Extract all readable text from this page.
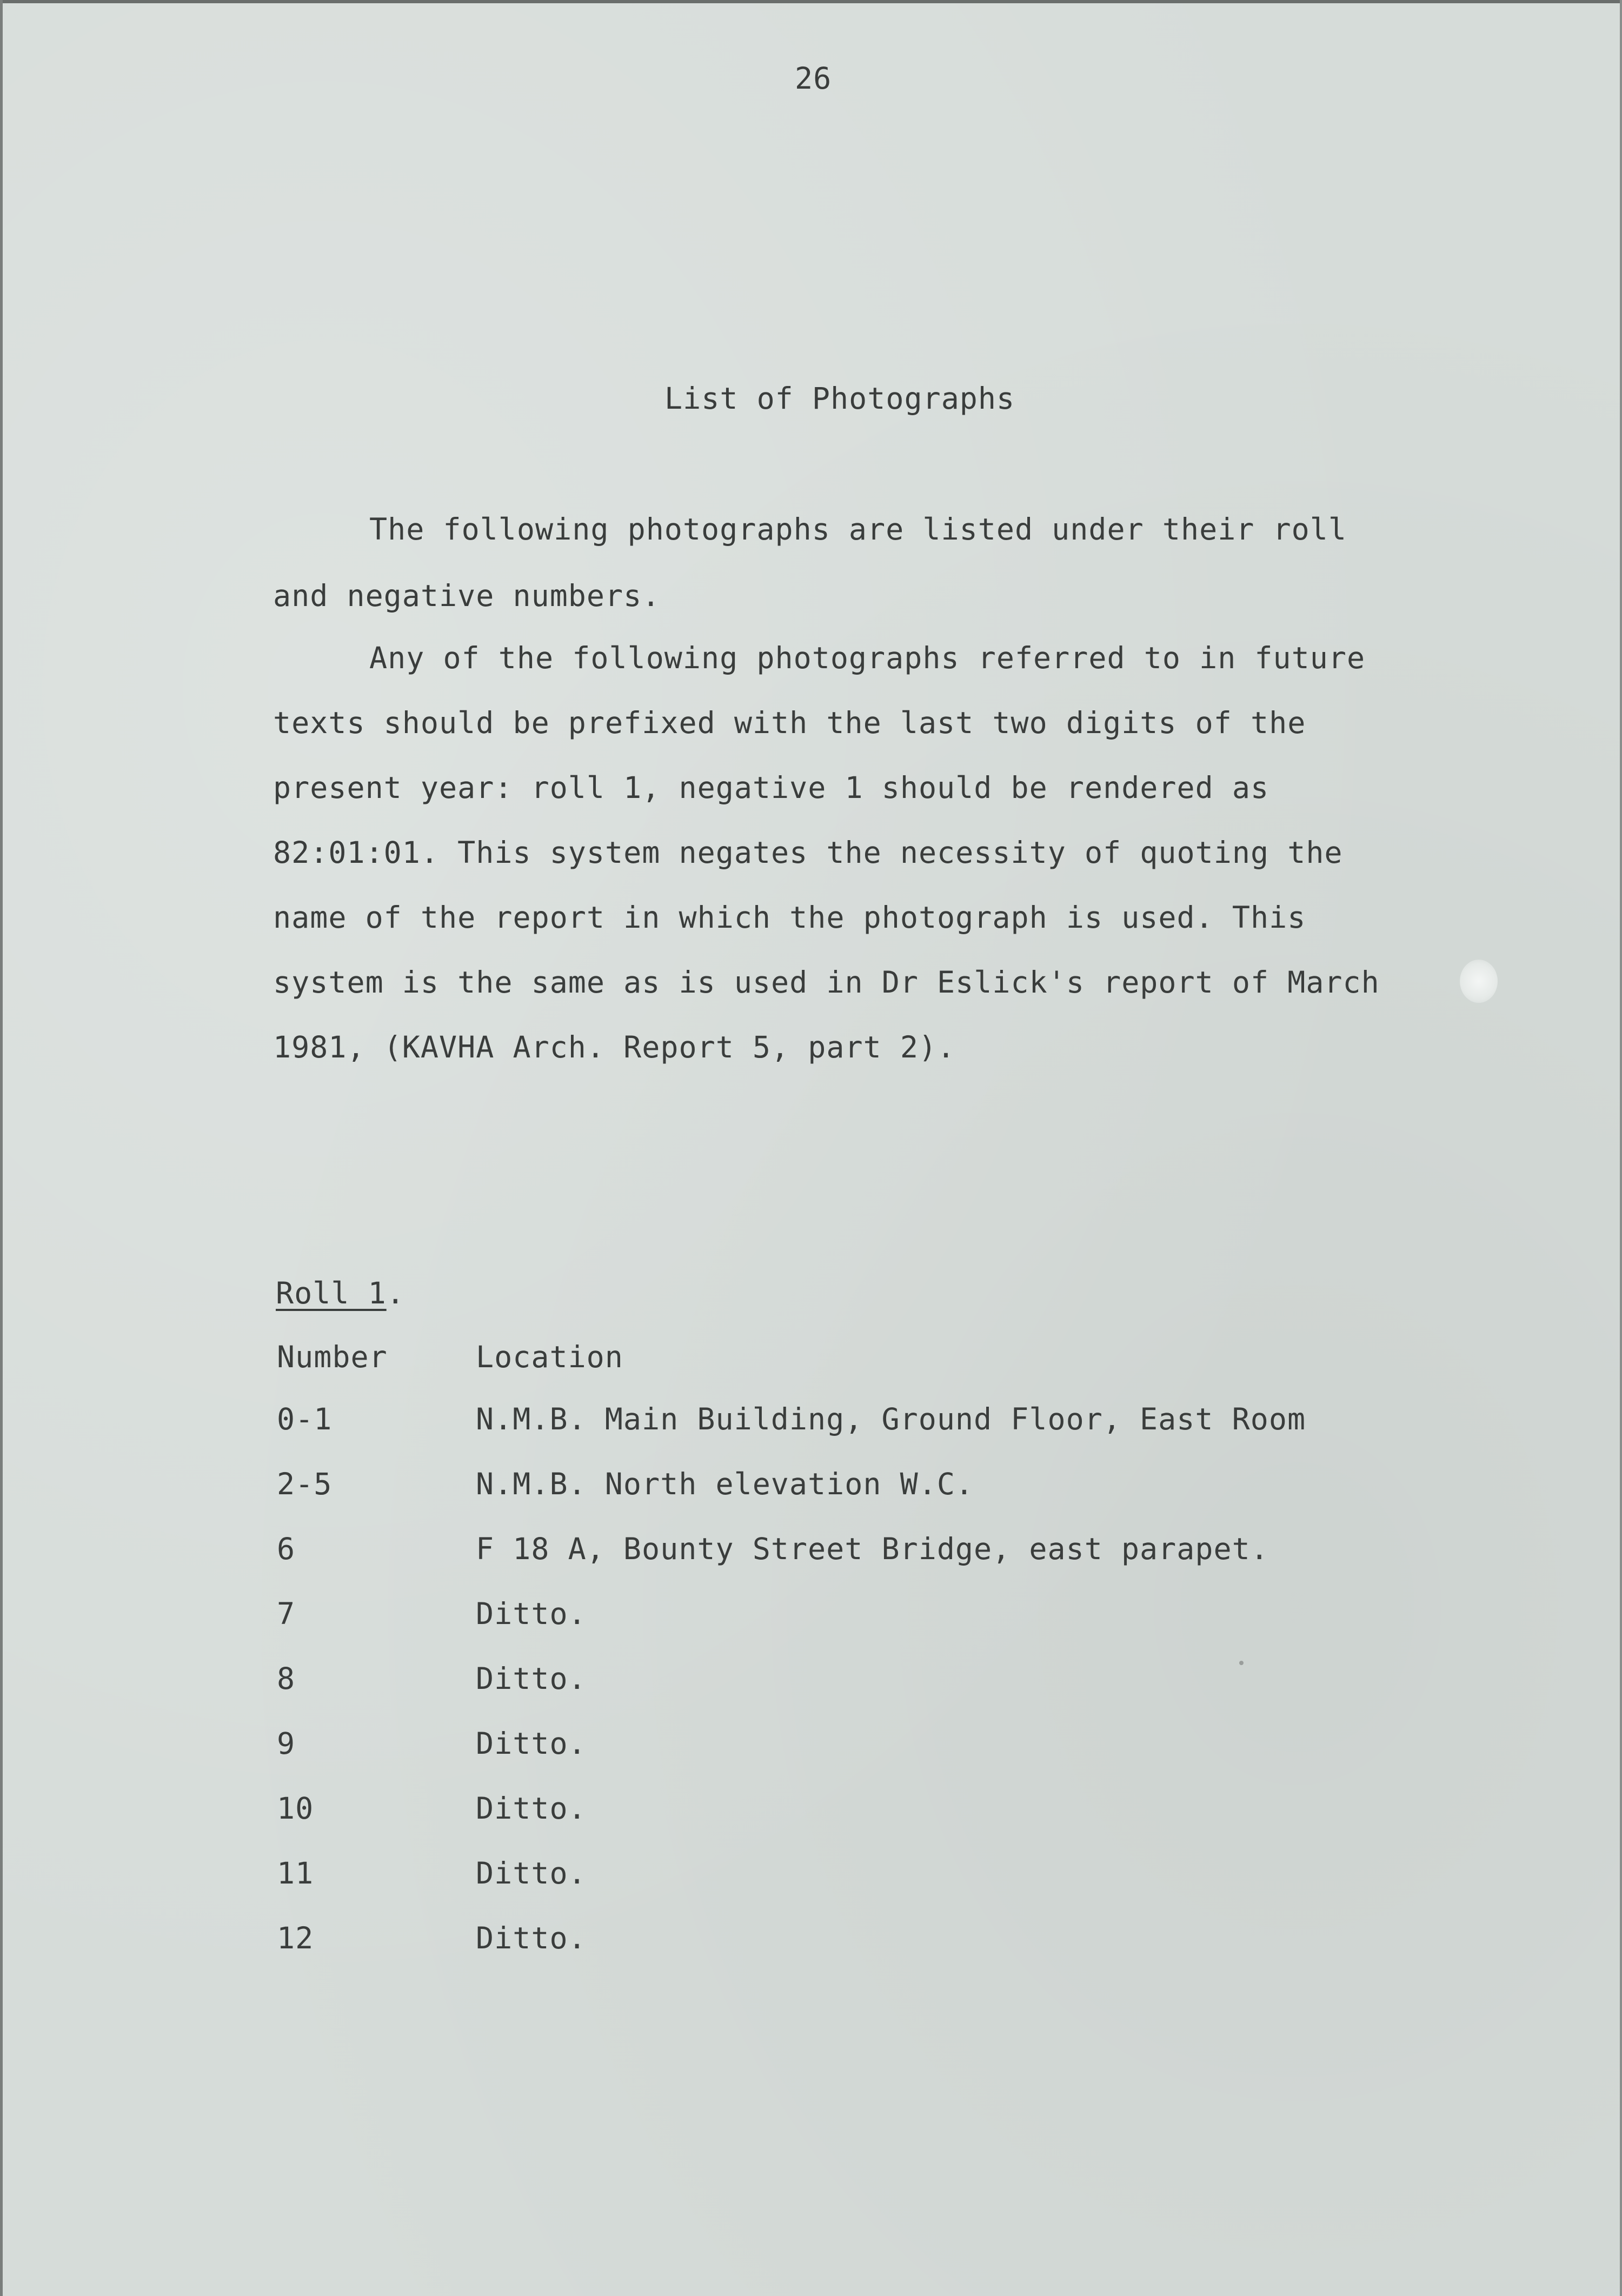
26
List of Photographs
The following photographs are listed under their roll
and negative numbers.
Any of the following photographs referred to in future
texts should be prefixed with the last two digits of the
present year: roll 1, negative 1 should be rendered as
82:01:01. This system negates the necessity of quoting the
name of the report in which the photograph is used. This
system is the same as is used in Dr Eslick's report of March
1981, (KAVHA Arch. Report 5, part 2).
Roll 1.
Number	Location
0-1	N.M.B. Main Building, Ground Floor, East Room
2-5	N.M.B. North elevation W.C.
6	F 18 A, Bounty Street Bridge, east parapet.
7	Ditto.
8	Ditto.
9	Ditto.
10	Ditto.
11	Ditto.
12	Ditto.
